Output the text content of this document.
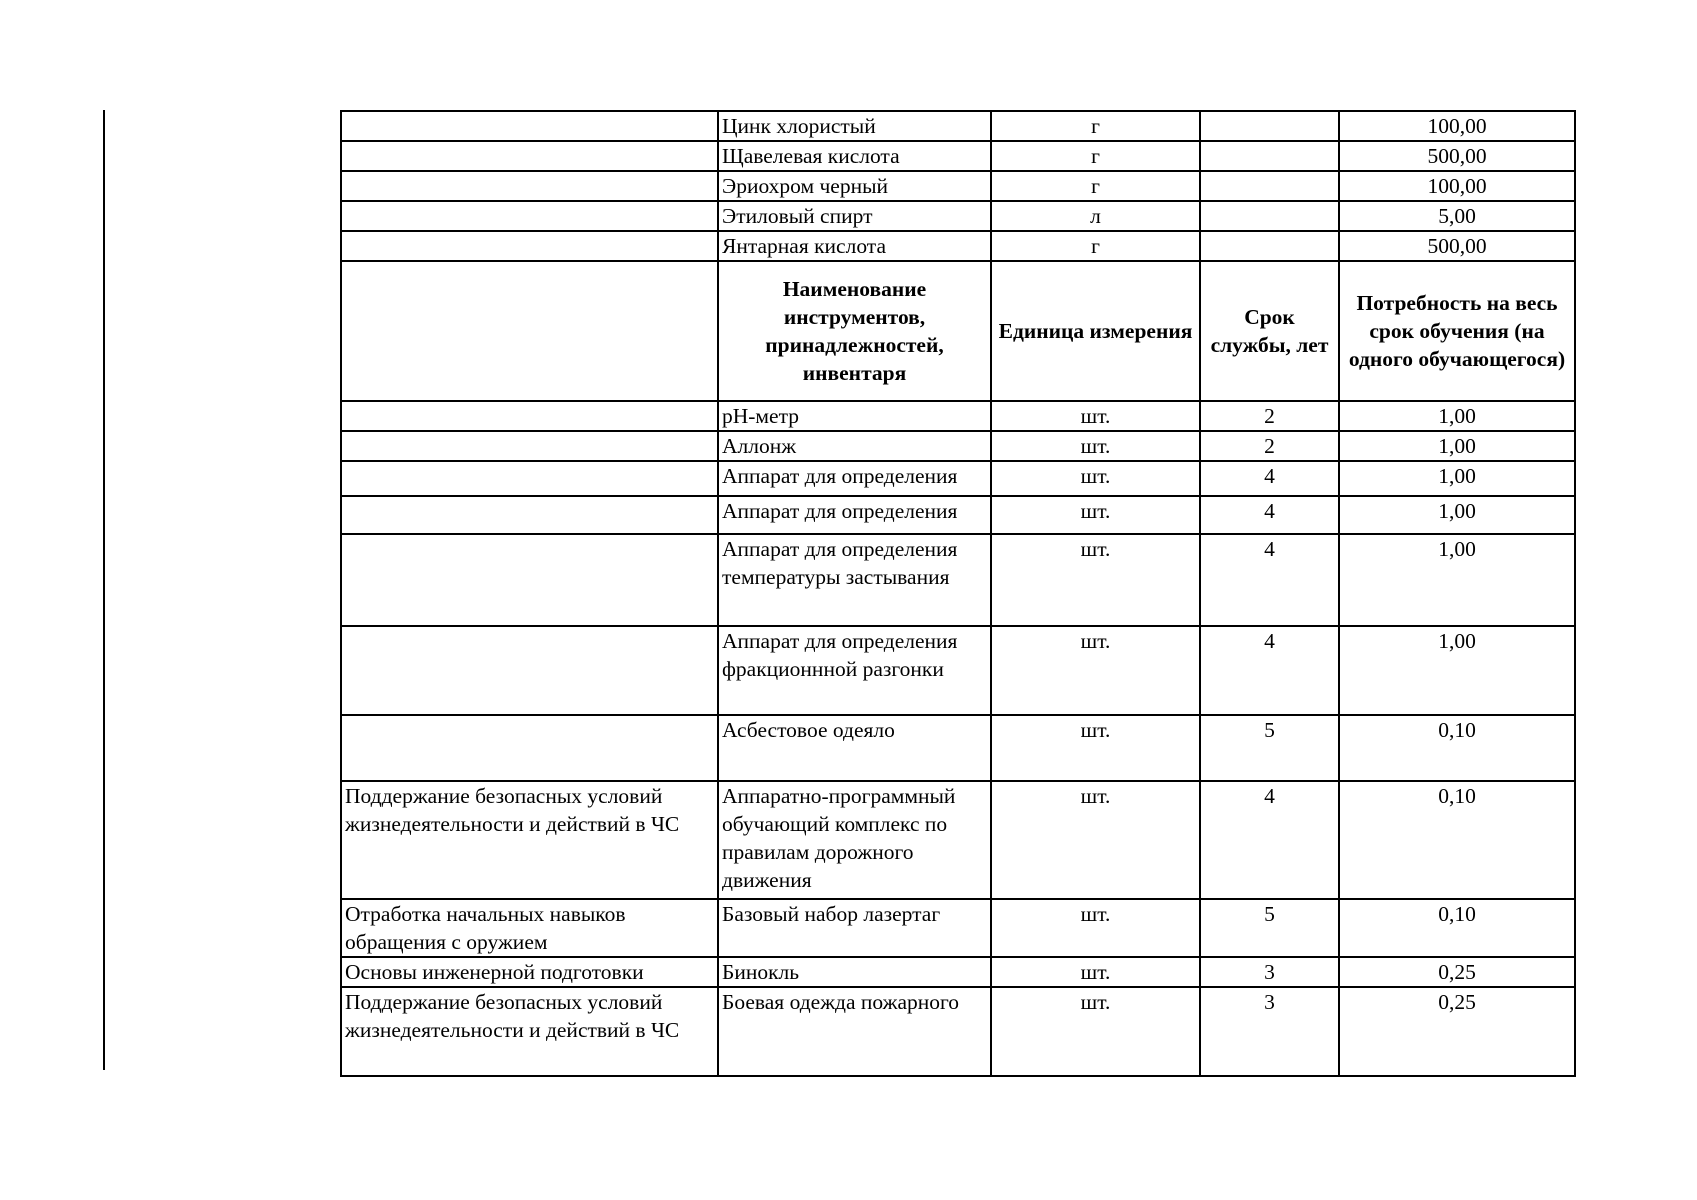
	Цинк хлористый	г		100,00
	Щавелевая кислота	г		500,00
	Эриохром черный	г		100,00
	Этиловый спирт	л		5,00
	Янтарная кислота	г		500,00
	Наименование инструментов, принадлежностей, инвентаря	Единица измерения	Срок службы, лет	Потребность на весь срок обучения (на одного обучающегося)
	pH-метр	шт.	2	1,00
	Аллонж	шт.	2	1,00
	Аппарат для определения	шт.	4	1,00
	Аппарат для определения	шт.	4	1,00
	Аппарат для определения температуры застывания	шт.	4	1,00
	Аппарат для определения фракционнной разгонки	шт.	4	1,00
	Асбестовое одеяло	шт.	5	0,10
Поддержание безопасных условий жизнедеятельности и действий в ЧС	Аппаратно-программный обучающий комплекс по правилам дорожного движения	шт.	4	0,10
Отработка начальных навыков обращения с оружием	Базовый набор лазертаг	шт.	5	0,10
Основы инженерной подготовки	Бинокль	шт.	3	0,25
Поддержание безопасных условий жизнедеятельности и действий в ЧС	Боевая одежда пожарного	шт.	3	0,25
